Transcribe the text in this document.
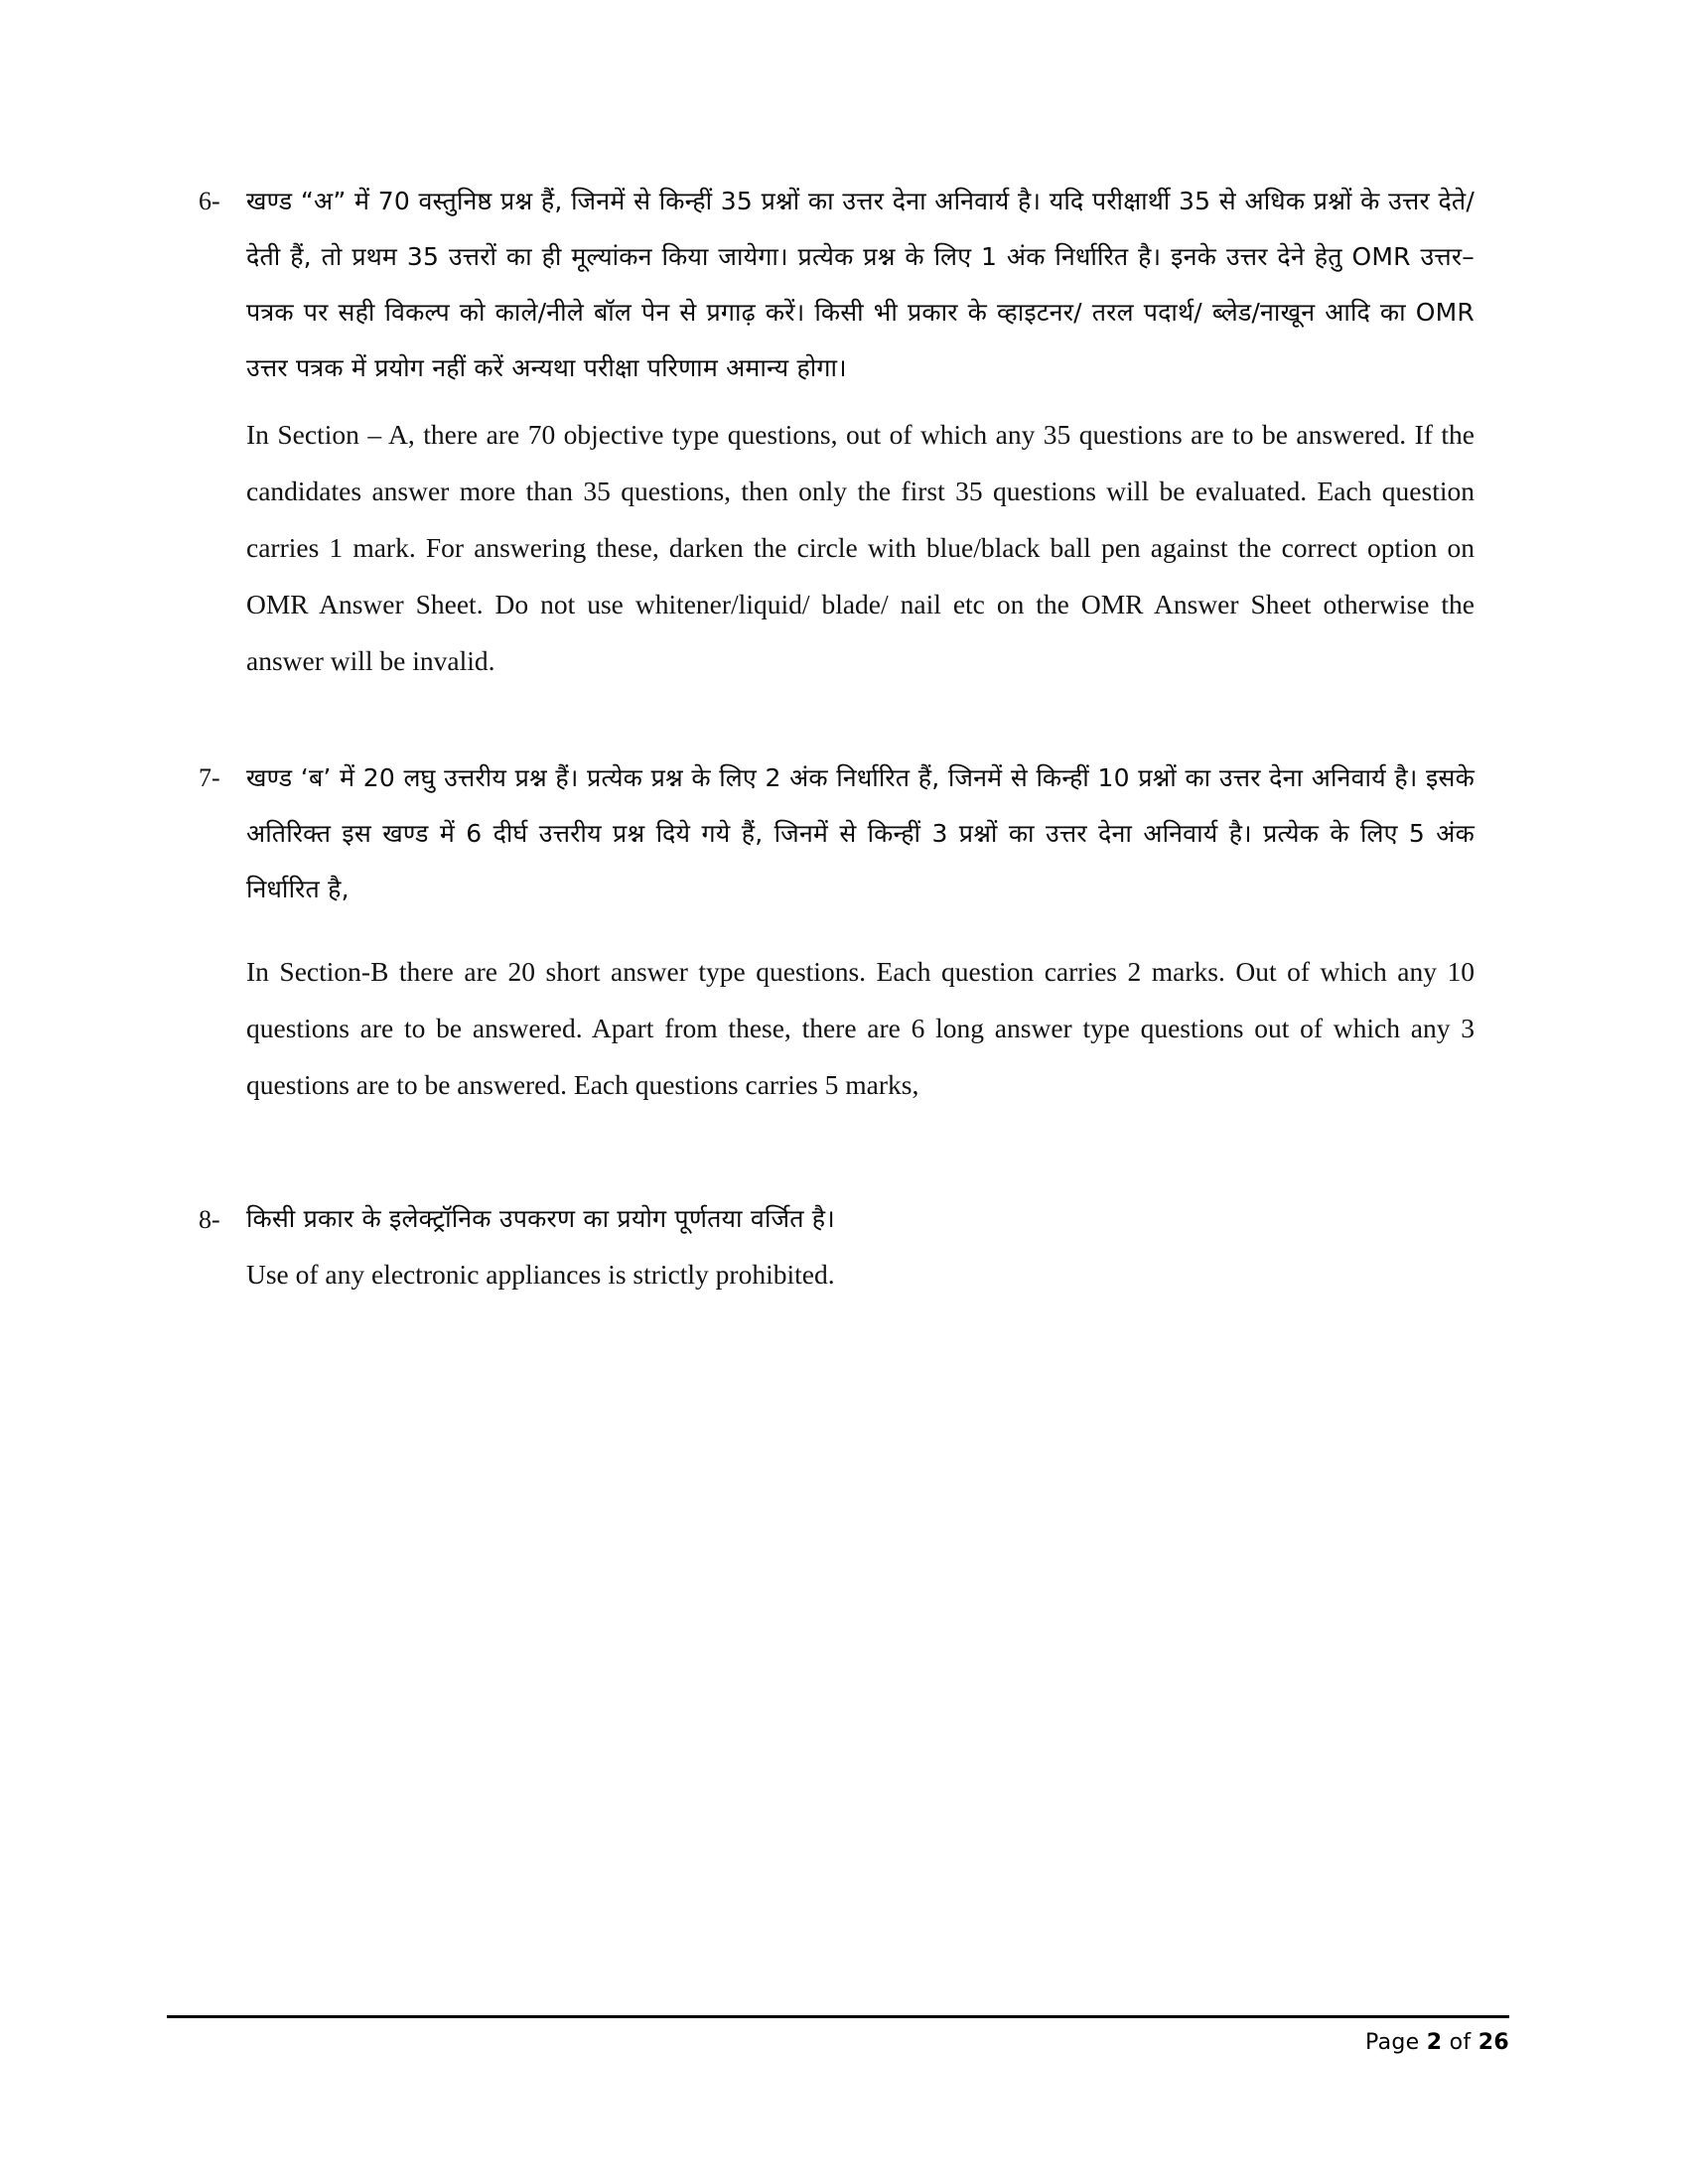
6-	खण्ड “अ” में 70 वस्तुनिष्ठ प्रश्न हैं, जिनमें से किन्हीं 35 प्रश्नों का उत्तर देना अनिवार्य है। यदि परीक्षार्थी 35 से अधिक प्रश्नों के उत्तर देते/देती हैं, तो प्रथम 35 उत्तरों का ही मूल्यांकन किया जायेगा। प्रत्येक प्रश्न के लिए 1 अंक निर्धारित है। इनके उत्तर देने हेतु OMR उत्तर–पत्रक पर सही विकल्प को काले/नीले बॉल पेन से प्रगाढ़ करें। किसी भी प्रकार के व्हाइटनर/ तरल पदार्थ/ ब्लेड/नाखून आदि का OMR उत्तर पत्रक में प्रयोग नहीं करें अन्यथा परीक्षा परिणाम अमान्य होगा।

In Section – A, there are 70 objective type questions, out of which any 35 questions are to be answered. If the candidates answer more than 35 questions, then only the first 35 questions will be evaluated. Each question carries 1 mark. For answering these, darken the circle with blue/black ball pen against the correct option on OMR Answer Sheet. Do not use whitener/liquid/ blade/ nail etc on the OMR Answer Sheet otherwise the answer will be invalid.

7-	खण्ड ‘ब’ में 20 लघु उत्तरीय प्रश्न हैं। प्रत्येक प्रश्न के लिए 2 अंक निर्धारित हैं, जिनमें से किन्हीं 10 प्रश्नों का उत्तर देना अनिवार्य है। इसके अतिरिक्त इस खण्ड में 6 दीर्घ उत्तरीय प्रश्न दिये गये हैं, जिनमें से किन्हीं 3 प्रश्नों का उत्तर देना अनिवार्य है। प्रत्येक के लिए 5 अंक निर्धारित है,

In Section-B there are 20 short answer type questions. Each question carries 2 marks. Out of which any 10 questions are to be answered. Apart from these, there are 6 long answer type questions out of which any 3 questions are to be answered. Each questions carries 5 marks,

8-	किसी प्रकार के इलेक्ट्रॉनिक उपकरण का प्रयोग पूर्णतया वर्जित है।

Use of any electronic appliances is strictly prohibited.

Page 2 of 26
